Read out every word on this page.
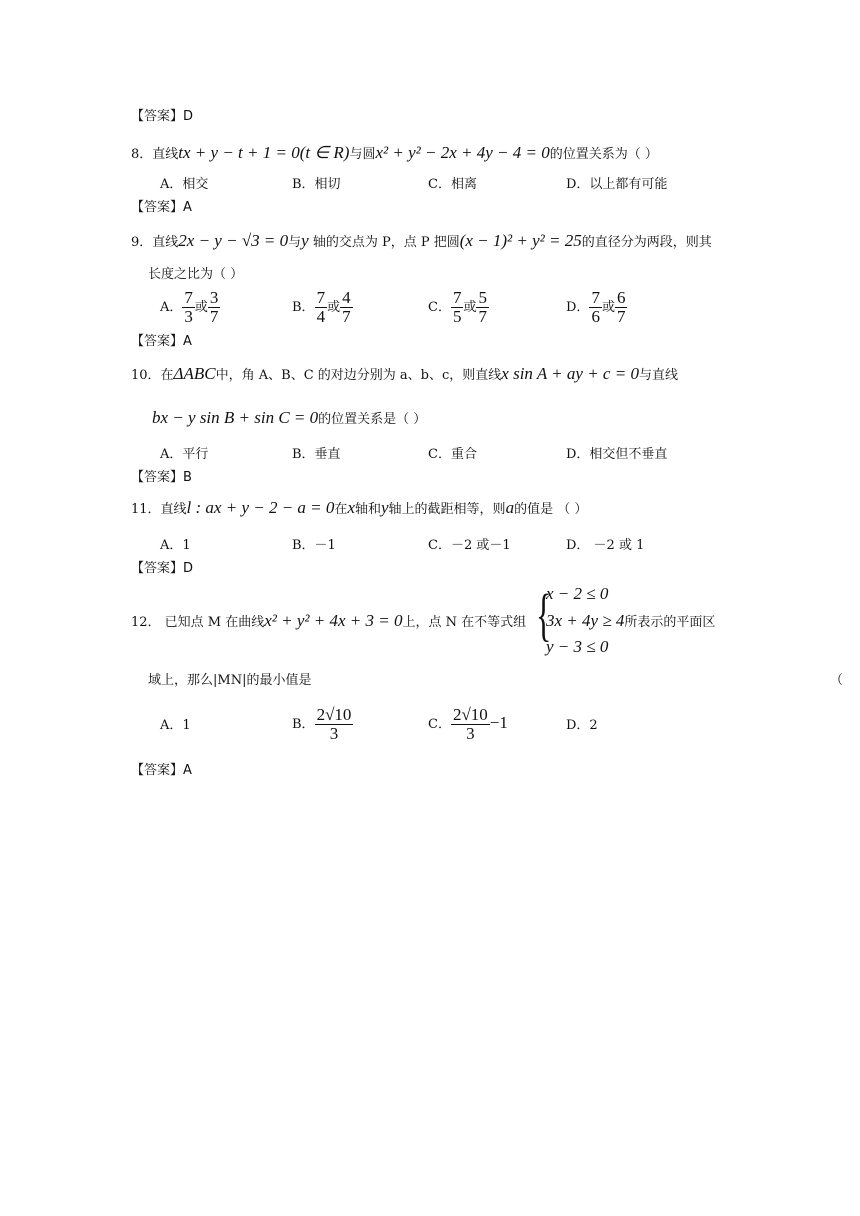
【答案】D
8．直线tx + y − t + 1 = 0(t ∈ R)与圆x² + y² − 2x + 4y − 4 = 0的位置关系为（ ）
A．相交	B．相切	C．相离	D．以上都有可能
【答案】A
9．直线2x − y − √3 = 0与y 轴的交点为 P，点 P 把圆(x − 1)² + y² = 25的直径分为两段，则其
长度之比为（ ）
A． $\frac{7}{3}$ 或 $\frac{3}{7}$	B． $\frac{7}{4}$ 或 $\frac{4}{7}$	C． $\frac{7}{5}$ 或 $\frac{5}{7}$	D． $\frac{7}{6}$ 或 $\frac{6}{7}$
【答案】A
10．在ΔABC中，角 A、B、C 的对边分别为 a、b、c，则直线x sin A + ay + c = 0与直线
bx − y sin B + sin C = 0的位置关系是（ ）
A．平行	B．垂直	C．重合	D．相交但不垂直
【答案】B
11．直线l : ax + y − 2 − a = 0在x轴和y轴上的截距相等，则a的值是 （ ）
A．1	B．－1	C．－2 或－1	D． －2 或 1
【答案】D
12． 已知点 M 在曲线x² + y² + 4x + 3 = 0上，点 N 在不等式组 {
x − 2 ≤ 0
3x + 4y ≥ 4所表示的平面区
y − 3 ≤ 0
域上，那么|MN|的最小值是	（
A．1	B． $\frac{2√10}{3}$	C． $\frac{2√10}{3} -1$	D．2
【答案】A
